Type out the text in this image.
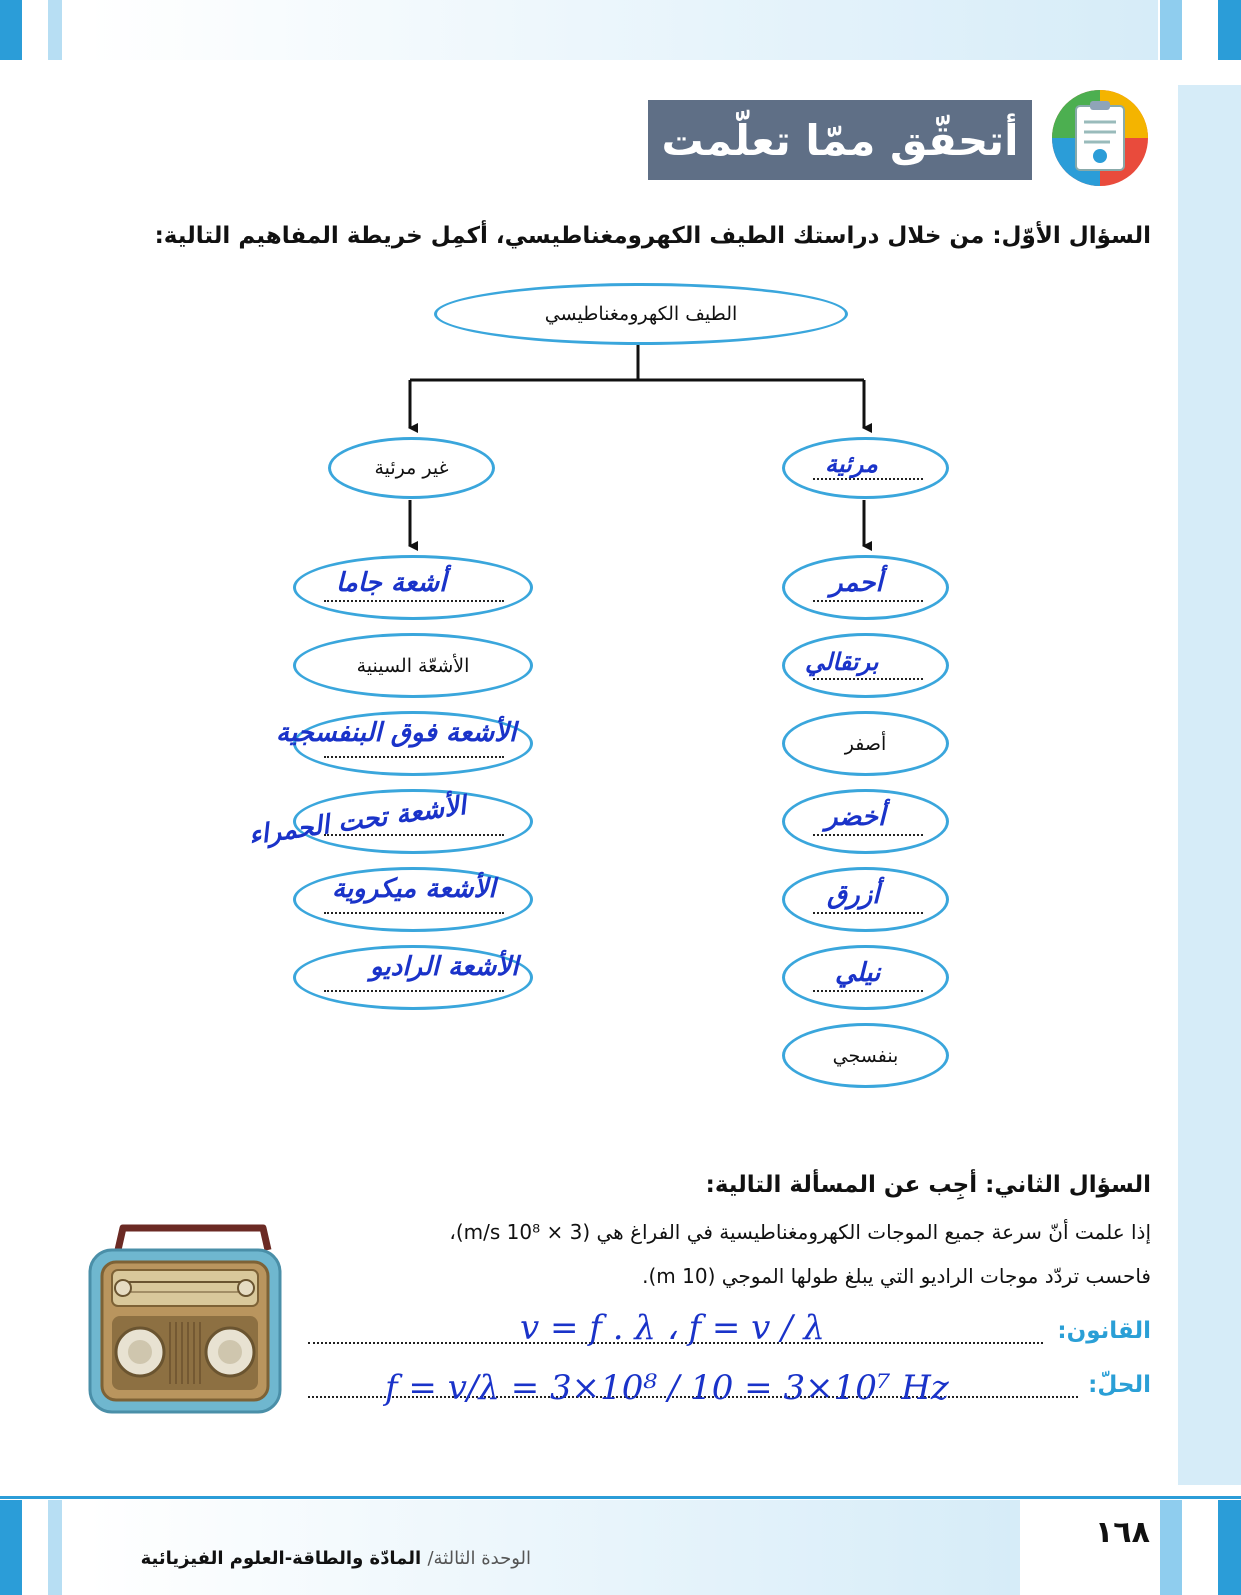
أتحقّق ممّا تعلّمت
السؤال الأوّل: من خلال دراستك الطيف الكهرومغناطيسي، أكمِل خريطة المفاهيم التالية:
الطيف الكهرومغناطيسي
غير مرئية	مرئية
أشعة جاما
الأشعّة السينية
الأشعة فوق البنفسجية
الأشعة تحت الحمراء
الأشعة ميكروية
الأشعة الراديو
أحمر
برتقالي
أصفر
أخضر
أزرق
نيلي
بنفسجي
السؤال الثاني: أجِب عن المسألة التالية:
إذا علمت أنّ سرعة جميع الموجات الكهرومغناطيسية في الفراغ هي (3 × 10⁸ m/s)،
فاحسب تردّد موجات الراديو التي يبلغ طولها الموجي (10 m).
القانون:
v = f . λ ، f = v / λ
الحلّ:
f = v/λ = 3×10⁸ / 10 = 3×10⁷ Hz
الوحدة الثالثة/ المادّة والطاقة-العلوم الفيزيائية
١٦٨
